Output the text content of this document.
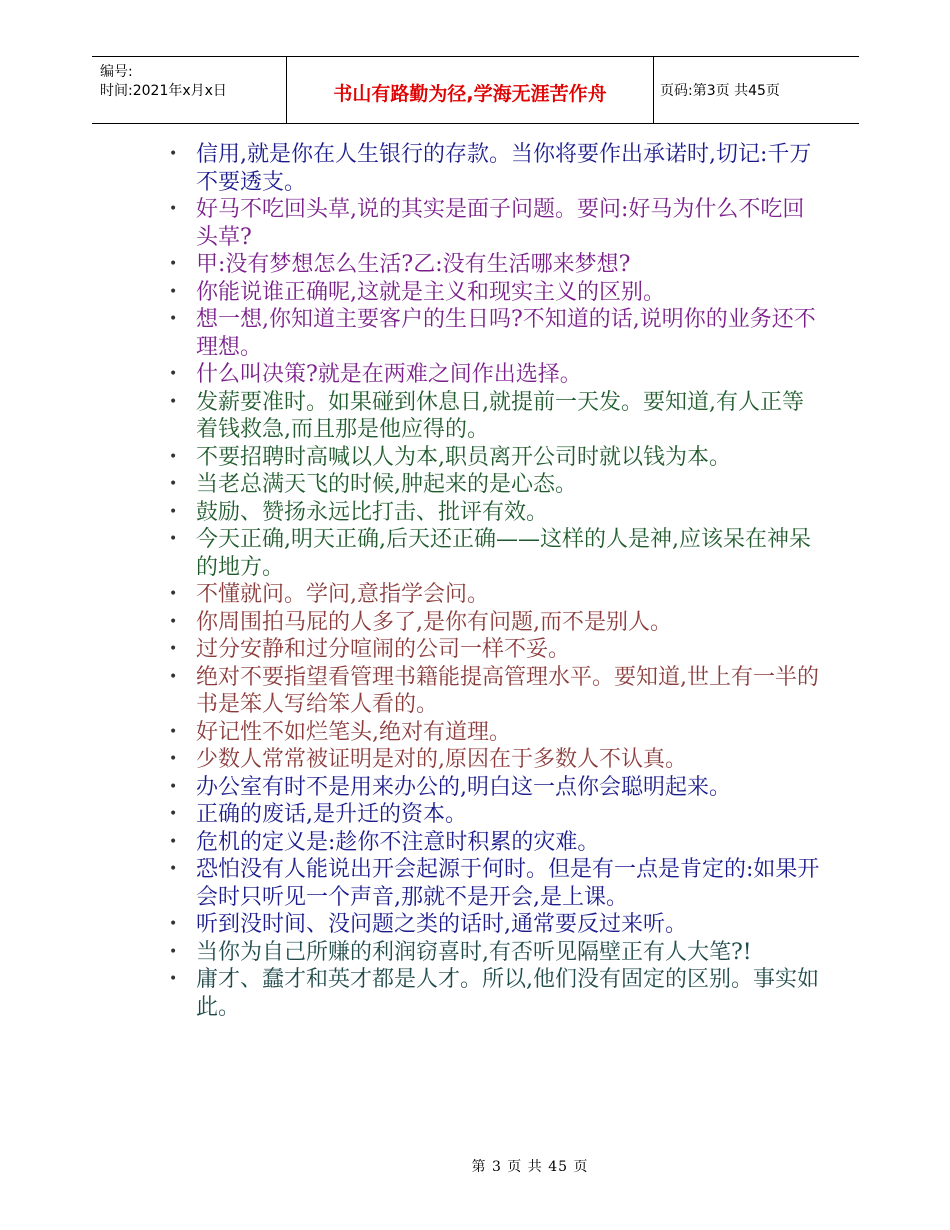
编号:
时间:2021年x月x日	书山有路勤为径,学海无涯苦作舟	页码:第3页 共45页
• 信用,就是你在人生银行的存款。当你将要作出承诺时,切记:千万不要透支。
• 好马不吃回头草,说的其实是面子问题。要问:好马为什么不吃回头草?
• 甲:没有梦想怎么生活?乙:没有生活哪来梦想?
• 你能说谁正确呢,这就是主义和现实主义的区别。
• 想一想,你知道主要客户的生日吗?不知道的话,说明你的业务还不理想。
• 什么叫决策?就是在两难之间作出选择。
• 发薪要准时。如果碰到休息日,就提前一天发。要知道,有人正等着钱救急,而且那是他应得的。
• 不要招聘时高喊以人为本,职员离开公司时就以钱为本。
• 当老总满天飞的时候,肿起来的是心态。
• 鼓励、赞扬永远比打击、批评有效。
• 今天正确,明天正确,后天还正确——这样的人是神,应该呆在神呆的地方。
• 不懂就问。学问,意指学会问。
• 你周围拍马屁的人多了,是你有问题,而不是别人。
• 过分安静和过分喧闹的公司一样不妥。
• 绝对不要指望看管理书籍能提高管理水平。要知道,世上有一半的书是笨人写给笨人看的。
• 好记性不如烂笔头,绝对有道理。
• 少数人常常被证明是对的,原因在于多数人不认真。
• 办公室有时不是用来办公的,明白这一点你会聪明起来。
• 正确的废话,是升迁的资本。
• 危机的定义是:趁你不注意时积累的灾难。
• 恐怕没有人能说出开会起源于何时。但是有一点是肯定的:如果开会时只听见一个声音,那就不是开会,是上课。
• 听到没时间、没问题之类的话时,通常要反过来听。
• 当你为自己所赚的利润窃喜时,有否听见隔壁正有人大笔?!
• 庸才、蠢才和英才都是人才。所以,他们没有固定的区别。事实如此。
第 3 页 共 45 页
